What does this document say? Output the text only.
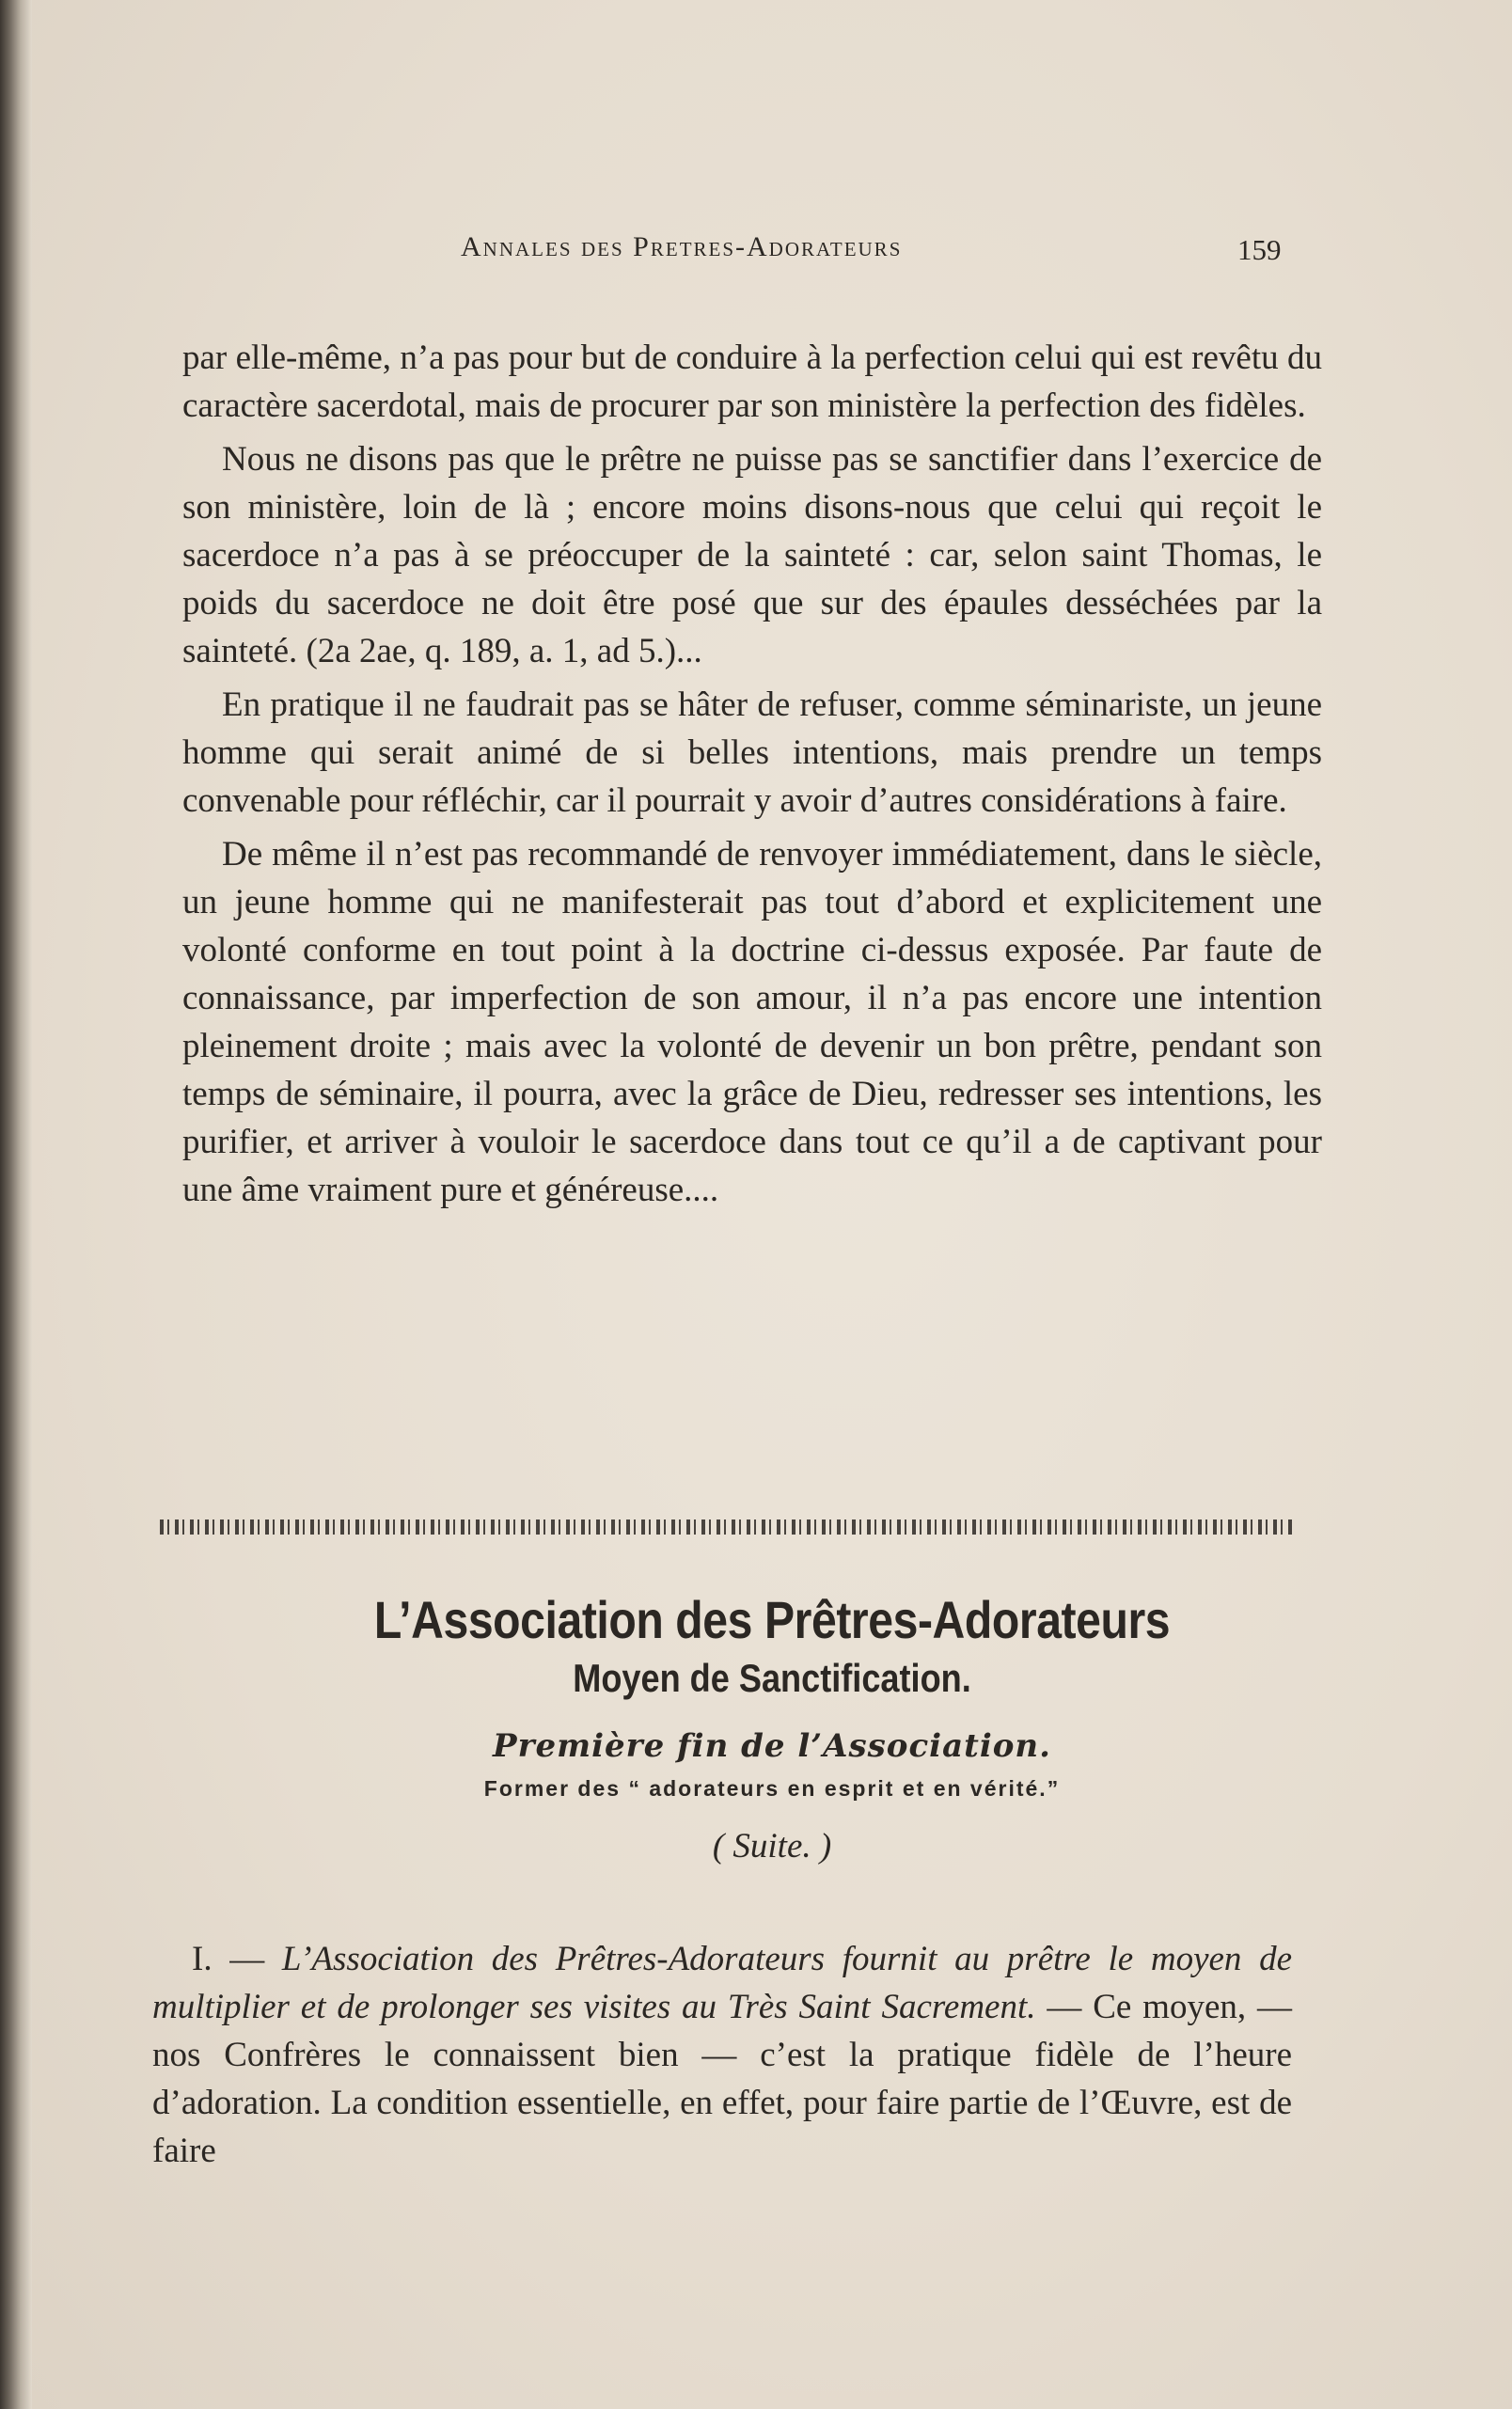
Annales des Pretres-Adorateurs	159

par elle-même, n’a pas pour but de conduire à la perfection celui qui est revêtu du caractère sacerdotal, mais de procurer par son ministère la perfection des fidèles.

Nous ne disons pas que le prêtre ne puisse pas se sanctifier dans l’exercice de son ministère, loin de là ; encore moins disons-nous que celui qui reçoit le sacerdoce n’a pas à se préoccuper de la sainteté : car, selon saint Thomas, le poids du sacerdoce ne doit être posé que sur des épaules desséchées par la sainteté. (2a 2ae, q. 189, a. 1, ad 5.)...

En pratique il ne faudrait pas se hâter de refuser, comme séminariste, un jeune homme qui serait animé de si belles intentions, mais prendre un temps convenable pour réfléchir, car il pourrait y avoir d’autres considérations à faire.

De même il n’est pas recommandé de renvoyer immédiatement, dans le siècle, un jeune homme qui ne manifesterait pas tout d’abord et explicitement une volonté conforme en tout point à la doctrine ci-dessus exposée. Par faute de connaissance, par imperfection de son amour, il n’a pas encore une intention pleinement droite ; mais avec la volonté de devenir un bon prêtre, pendant son temps de séminaire, il pourra, avec la grâce de Dieu, redresser ses intentions, les purifier, et arriver à vouloir le sacerdoce dans tout ce qu’il a de captivant pour une âme vraiment pure et généreuse....

L’Association des Prêtres-Adorateurs
Moyen de Sanctification.
Première fin de l’Association.
Former des “ adorateurs en esprit et en vérité.”
( Suite. )

I. — L’Association des Prêtres-Adorateurs fournit au prêtre le moyen de multiplier et de prolonger ses visites au Très Saint Sacrement. — Ce moyen, — nos Confrères le connaissent bien — c’est la pratique fidèle de l’heure d’adoration. La condition essentielle, en effet, pour faire partie de l’Œuvre, est de faire
